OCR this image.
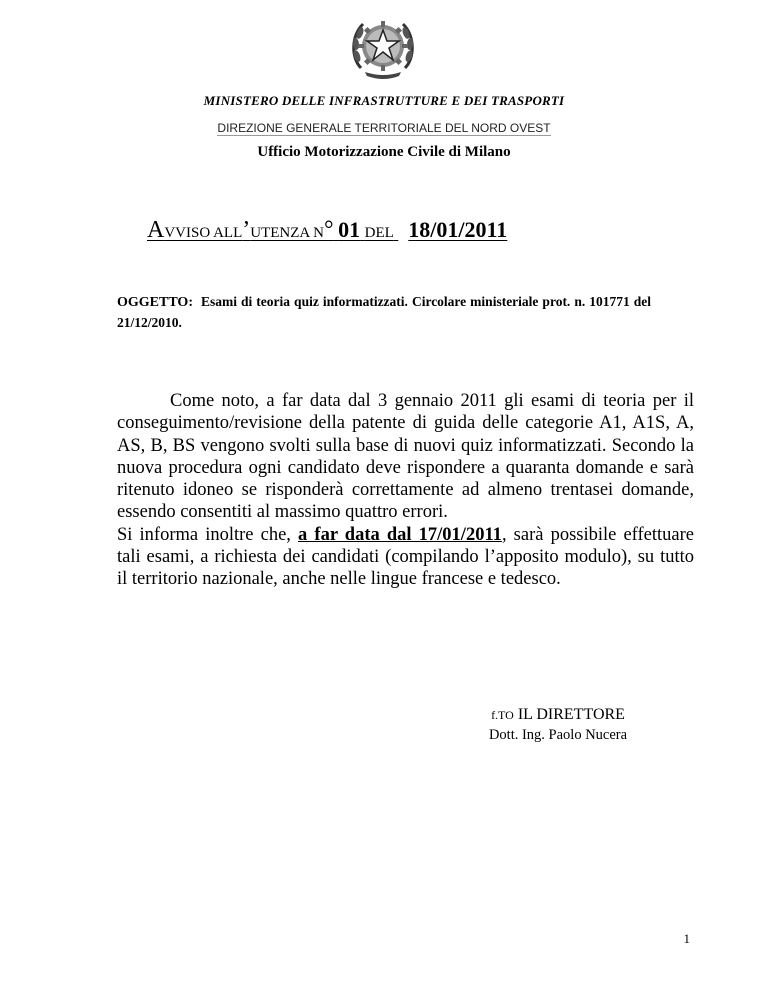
MINISTERO DELLE INFRASTRUTTURE E DEI TRASPORTI
DIREZIONE GENERALE TERRITORIALE DEL NORD OVEST
Ufficio Motorizzazione Civile di Milano
AVVISO ALL’UTENZA N° 01 DEL 18/01/2011
OGGETTO: Esami di teoria quiz informatizzati. Circolare ministeriale prot. n. 101771 del 21/12/2010.

Come noto, a far data dal 3 gennaio 2011 gli esami di teoria per il conseguimento/revisione della patente di guida delle categorie A1, A1S, A, AS, B, BS vengono svolti sulla base di nuovi quiz informatizzati. Secondo la nuova procedura ogni candidato deve rispondere a quaranta domande e sarà ritenuto idoneo se risponderà correttamente ad almeno trentasei domande, essendo consentiti al massimo quattro errori.

Si informa inoltre che, a far data dal 17/01/2011, sarà possibile effettuare tali esami, a richiesta dei candidati (compilando l’apposito modulo), su tutto il territorio nazionale, anche nelle lingue francese e tedesco.

f.TO IL DIRETTORE
Dott. Ing. Paolo Nucera
1
